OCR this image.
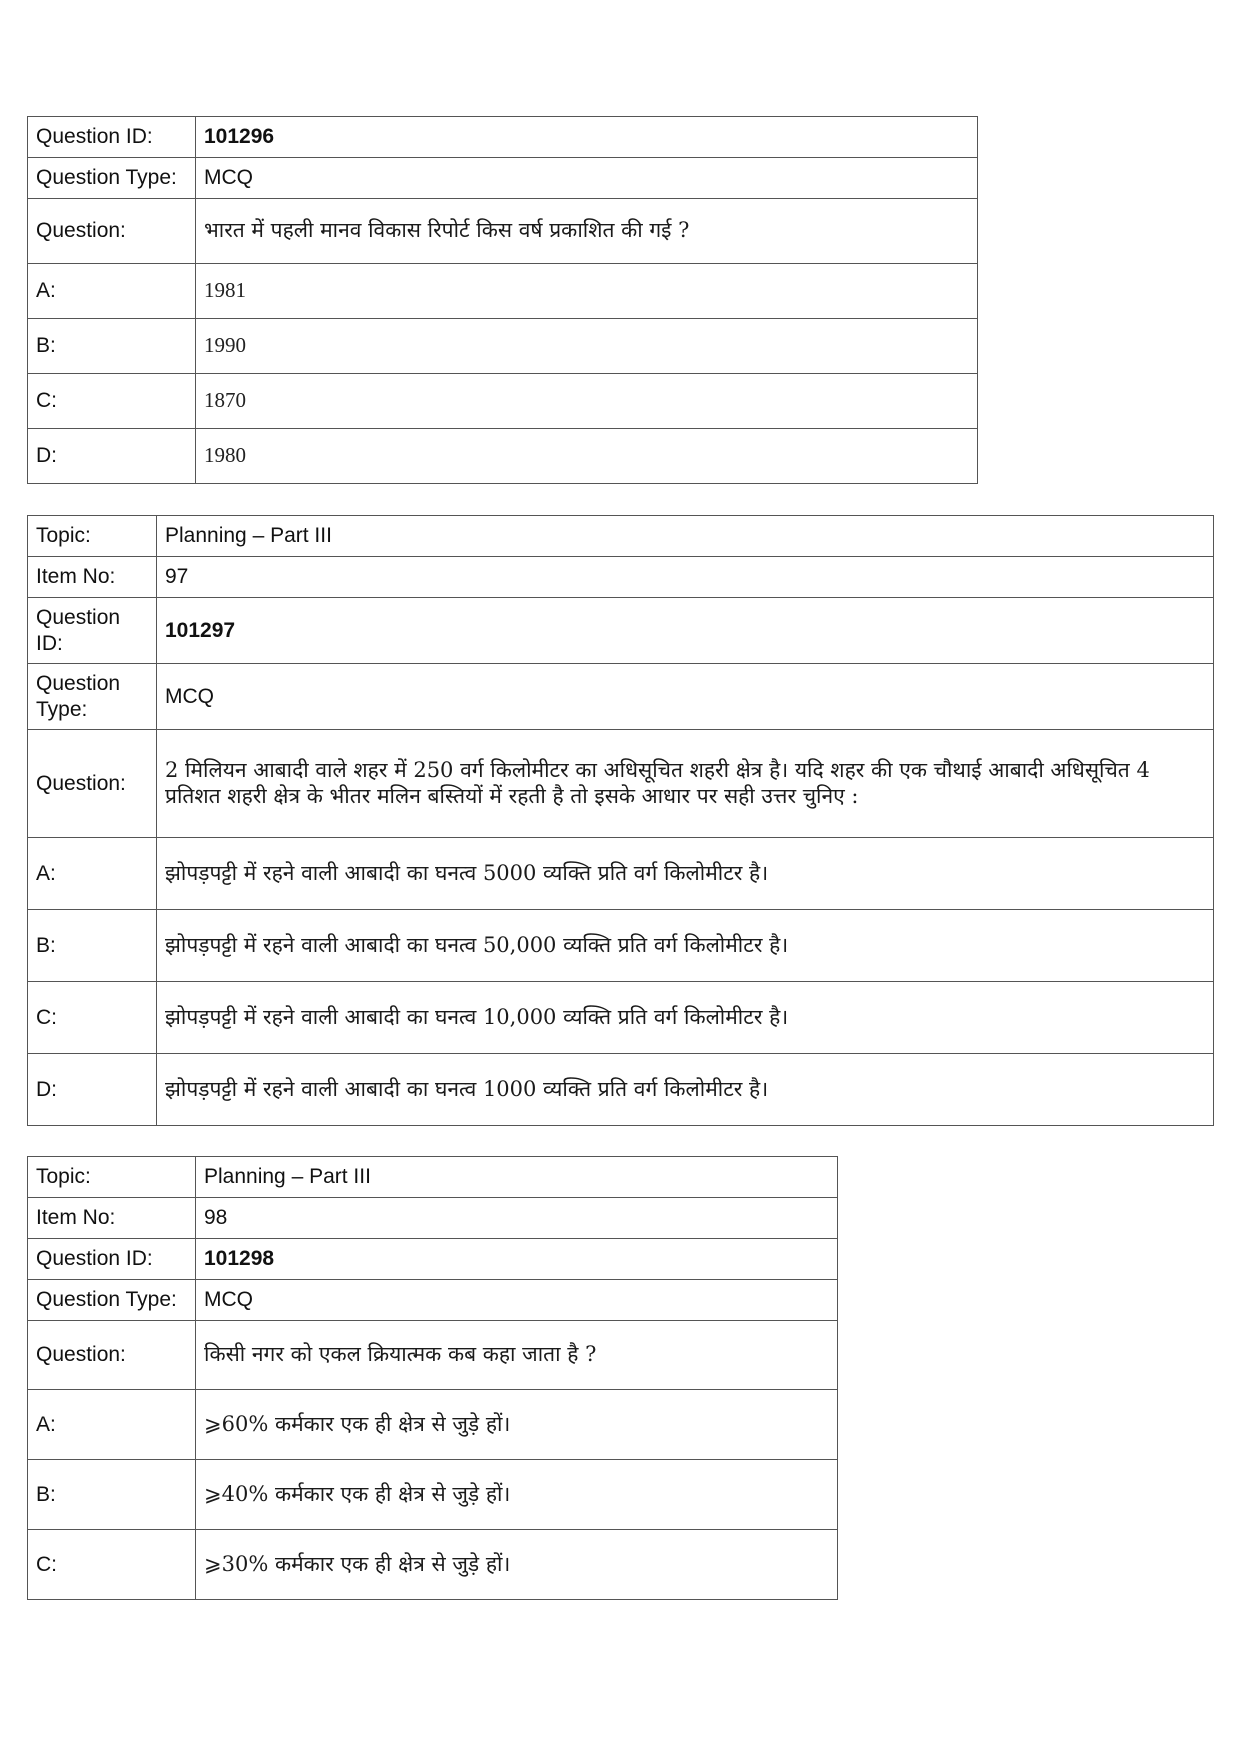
Question ID:	101296
Question Type:	MCQ
Question:	भारत में पहली मानव विकास रिपोर्ट किस वर्ष प्रकाशित की गई ?
A:	1981
B:	1990
C:	1870
D:	1980
Topic:	Planning – Part III
Item No:	97
Question ID:	101297
Question Type:	MCQ
Question:	2 मिलियन आबादी वाले शहर में 250 वर्ग किलोमीटर का अधिसूचित शहरी क्षेत्र है। यदि शहर की एक चौथाई आबादी अधिसूचित 4 प्रतिशत शहरी क्षेत्र के भीतर मलिन बस्तियों में रहती है तो इसके आधार पर सही उत्तर चुनिए :
A:	झोपड़पट्टी में रहने वाली आबादी का घनत्व 5000 व्यक्ति प्रति वर्ग किलोमीटर है।
B:	झोपड़पट्टी में रहने वाली आबादी का घनत्व 50,000 व्यक्ति प्रति वर्ग किलोमीटर है।
C:	झोपड़पट्टी में रहने वाली आबादी का घनत्व 10,000 व्यक्ति प्रति वर्ग किलोमीटर है।
D:	झोपड़पट्टी में रहने वाली आबादी का घनत्व 1000 व्यक्ति प्रति वर्ग किलोमीटर है।
Topic:	Planning – Part III
Item No:	98
Question ID:	101298
Question Type:	MCQ
Question:	किसी नगर को एकल क्रियात्मक कब कहा जाता है ?
A:	⩾60% कर्मकार एक ही क्षेत्र से जुड़े हों।
B:	⩾40% कर्मकार एक ही क्षेत्र से जुड़े हों।
C:	⩾30% कर्मकार एक ही क्षेत्र से जुड़े हों।
